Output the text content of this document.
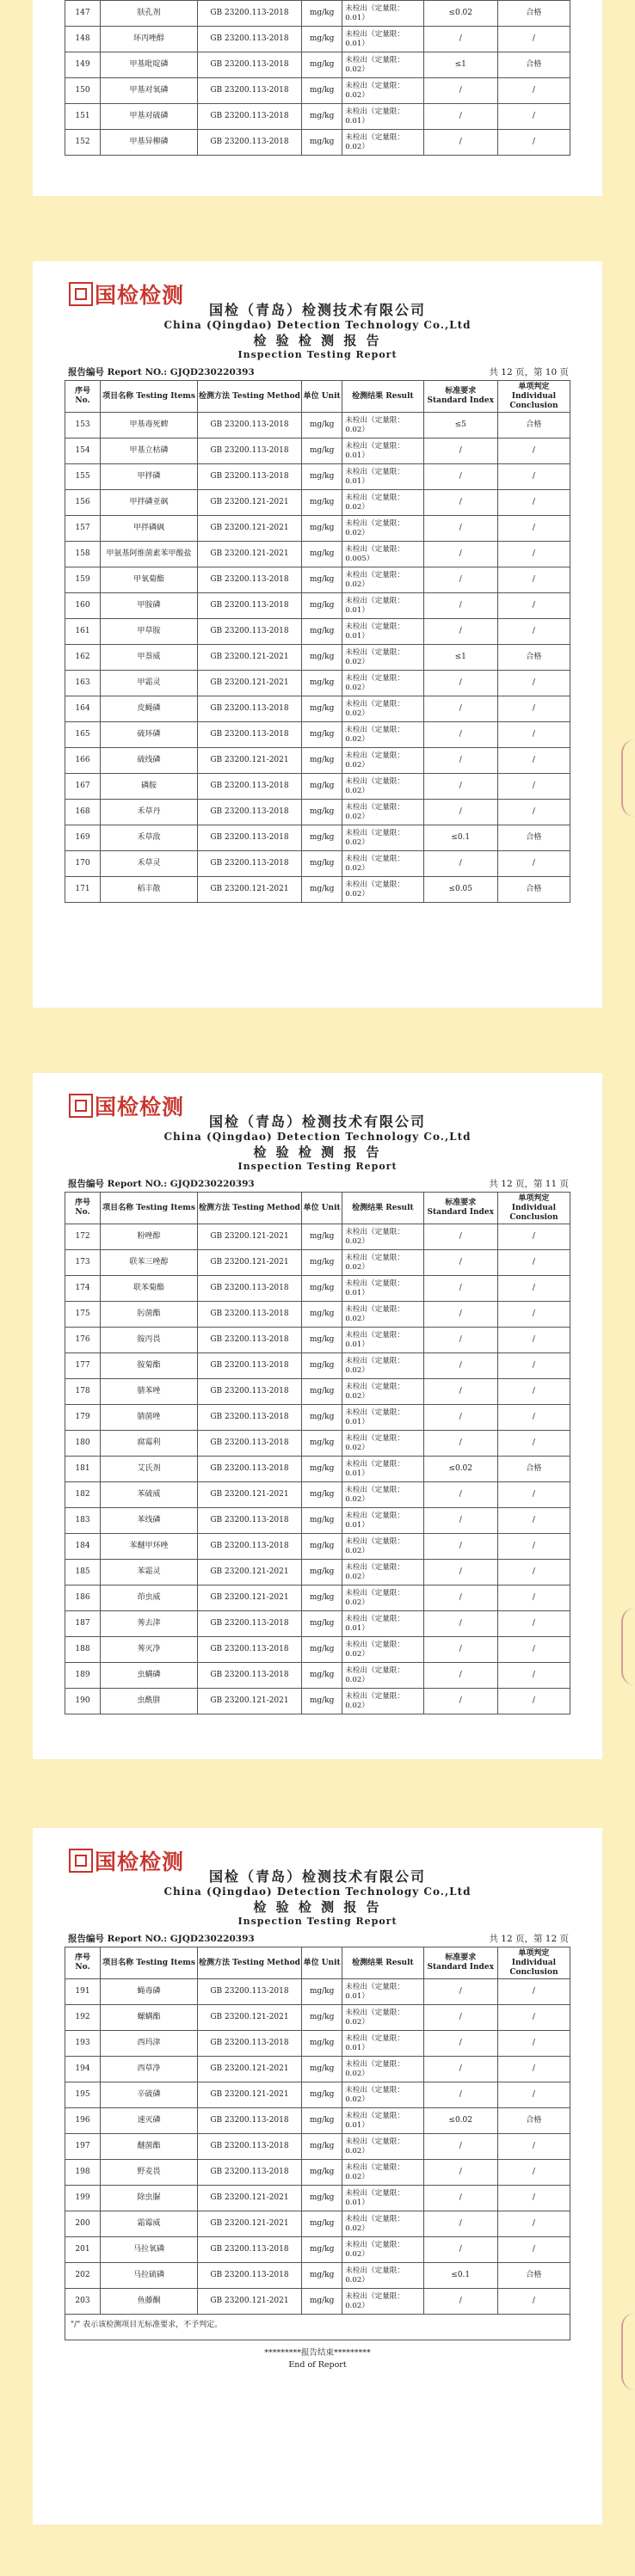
147	肤孔剂	GB 23200.113-2018	mg/kg	未检出（定量限：0.01）	≤0.02	合格
148	环丙唑醇	GB 23200.113-2018	mg/kg	未检出（定量限：0.01）	/	/
149	甲基吡啶磷	GB 23200.113-2018	mg/kg	未检出（定量限：0.02）	≤1	合格
150	甲基对氧磷	GB 23200.113-2018	mg/kg	未检出（定量限：0.02）	/	/
151	甲基对硫磷	GB 23200.113-2018	mg/kg	未检出（定量限：0.01）	/	/
152	甲基异柳磷	GB 23200.113-2018	mg/kg	未检出（定量限：0.02）	/	/
国检检测
国检（青岛）检测技术有限公司
China (Qingdao) Detection Technology Co.,Ltd
检 验 检 测 报 告
Inspection Testing Report
报告编号 Report NO.: GJQD230220393	共 12 页，第 10 页
序号 No.	项目名称 Testing Items	检测方法 Testing Method	单位 Unit	检测结果 Result	标准要求 Standard Index	单项判定 Individual Conclusion
153	甲基毒死蜱	GB 23200.113-2018	mg/kg	未检出（定量限：0.02）	≤5	合格
154	甲基立枯磷	GB 23200.113-2018	mg/kg	未检出（定量限：0.01）	/	/
155	甲拌磷	GB 23200.113-2018	mg/kg	未检出（定量限：0.01）	/	/
156	甲拌磷亚砜	GB 23200.121-2021	mg/kg	未检出（定量限：0.02）	/	/
157	甲拌磷砜	GB 23200.121-2021	mg/kg	未检出（定量限：0.02）	/	/
158	甲氨基阿维菌素苯甲酸盐	GB 23200.121-2021	mg/kg	未检出（定量限：0.005）	/	/
159	甲氧菊酯	GB 23200.113-2018	mg/kg	未检出（定量限：0.02）	/	/
160	甲胺磷	GB 23200.113-2018	mg/kg	未检出（定量限：0.01）	/	/
161	甲草胺	GB 23200.113-2018	mg/kg	未检出（定量限：0.01）	/	/
162	甲萘威	GB 23200.121-2021	mg/kg	未检出（定量限：0.02）	≤1	合格
163	甲霜灵	GB 23200.121-2021	mg/kg	未检出（定量限：0.02）	/	/
164	皮蝇磷	GB 23200.113-2018	mg/kg	未检出（定量限：0.02）	/	/
165	硫环磷	GB 23200.113-2018	mg/kg	未检出（定量限：0.02）	/	/
166	硫线磷	GB 23200.121-2021	mg/kg	未检出（定量限：0.02）	/	/
167	磷胺	GB 23200.113-2018	mg/kg	未检出（定量限：0.02）	/	/
168	禾草丹	GB 23200.113-2018	mg/kg	未检出（定量限：0.02）	/	/
169	禾草敌	GB 23200.113-2018	mg/kg	未检出（定量限：0.02）	≤0.1	合格
170	禾草灵	GB 23200.113-2018	mg/kg	未检出（定量限：0.02）	/	/
171	稻丰散	GB 23200.121-2021	mg/kg	未检出（定量限：0.02）	≤0.05	合格
国检检测
国检（青岛）检测技术有限公司
China (Qingdao) Detection Technology Co.,Ltd
检 验 检 测 报 告
Inspection Testing Report
报告编号 Report NO.: GJQD230220393	共 12 页，第 11 页
序号 No.	项目名称 Testing Items	检测方法 Testing Method	单位 Unit	检测结果 Result	标准要求 Standard Index	单项判定 Individual Conclusion
172	粉唑醇	GB 23200.121-2021	mg/kg	未检出（定量限：0.02）	/	/
173	联苯三唑醇	GB 23200.121-2021	mg/kg	未检出（定量限：0.02）	/	/
174	联苯菊酯	GB 23200.113-2018	mg/kg	未检出（定量限：0.01）	/	/
175	肟菌酯	GB 23200.113-2018	mg/kg	未检出（定量限：0.02）	/	/
176	胺丙畏	GB 23200.113-2018	mg/kg	未检出（定量限：0.01）	/	/
177	胺菊酯	GB 23200.113-2018	mg/kg	未检出（定量限：0.02）	/	/
178	腈苯唑	GB 23200.113-2018	mg/kg	未检出（定量限：0.02）	/	/
179	腈菌唑	GB 23200.113-2018	mg/kg	未检出（定量限：0.01）	/	/
180	腐霉利	GB 23200.113-2018	mg/kg	未检出（定量限：0.02）	/	/
181	艾氏剂	GB 23200.113-2018	mg/kg	未检出（定量限：0.01）	≤0.02	合格
182	苯硫威	GB 23200.121-2021	mg/kg	未检出（定量限：0.02）	/	/
183	苯线磷	GB 23200.113-2018	mg/kg	未检出（定量限：0.01）	/	/
184	苯醚甲环唑	GB 23200.113-2018	mg/kg	未检出（定量限：0.02）	/	/
185	苯霜灵	GB 23200.121-2021	mg/kg	未检出（定量限：0.02）	/	/
186	茚虫威	GB 23200.121-2021	mg/kg	未检出（定量限：0.02）	/	/
187	莠去津	GB 23200.113-2018	mg/kg	未检出（定量限：0.01）	/	/
188	莠灭净	GB 23200.113-2018	mg/kg	未检出（定量限：0.02）	/	/
189	虫螨磷	GB 23200.113-2018	mg/kg	未检出（定量限：0.02）	/	/
190	虫酰肼	GB 23200.121-2021	mg/kg	未检出（定量限：0.02）	/	/
国检检测
国检（青岛）检测技术有限公司
China (Qingdao) Detection Technology Co.,Ltd
检 验 检 测 报 告
Inspection Testing Report
报告编号 Report NO.: GJQD230220393	共 12 页，第 12 页
序号 No.	项目名称 Testing Items	检测方法 Testing Method	单位 Unit	检测结果 Result	标准要求 Standard Index	单项判定 Individual Conclusion
191	蝇毒磷	GB 23200.113-2018	mg/kg	未检出（定量限：0.01）	/	/
192	螺螨酯	GB 23200.121-2021	mg/kg	未检出（定量限：0.02）	/	/
193	西玛津	GB 23200.113-2018	mg/kg	未检出（定量限：0.01）	/	/
194	西草净	GB 23200.121-2021	mg/kg	未检出（定量限：0.02）	/	/
195	辛硫磷	GB 23200.121-2021	mg/kg	未检出（定量限：0.02）	/	/
196	速灭磷	GB 23200.113-2018	mg/kg	未检出（定量限：0.01）	≤0.02	合格
197	醚菌酯	GB 23200.113-2018	mg/kg	未检出（定量限：0.02）	/	/
198	野麦畏	GB 23200.113-2018	mg/kg	未检出（定量限：0.02）	/	/
199	除虫脲	GB 23200.121-2021	mg/kg	未检出（定量限：0.01）	/	/
200	霜霉威	GB 23200.121-2021	mg/kg	未检出（定量限：0.02）	/	/
201	马拉氧磷	GB 23200.113-2018	mg/kg	未检出（定量限：0.02）	/	/
202	马拉硫磷	GB 23200.113-2018	mg/kg	未检出（定量限：0.02）	≤0.1	合格
203	鱼藤酮	GB 23200.121-2021	mg/kg	未检出（定量限：0.02）	/	/
"/" 表示该检测项目无标准要求，不予判定。
*********报告结束*********
End of Report
